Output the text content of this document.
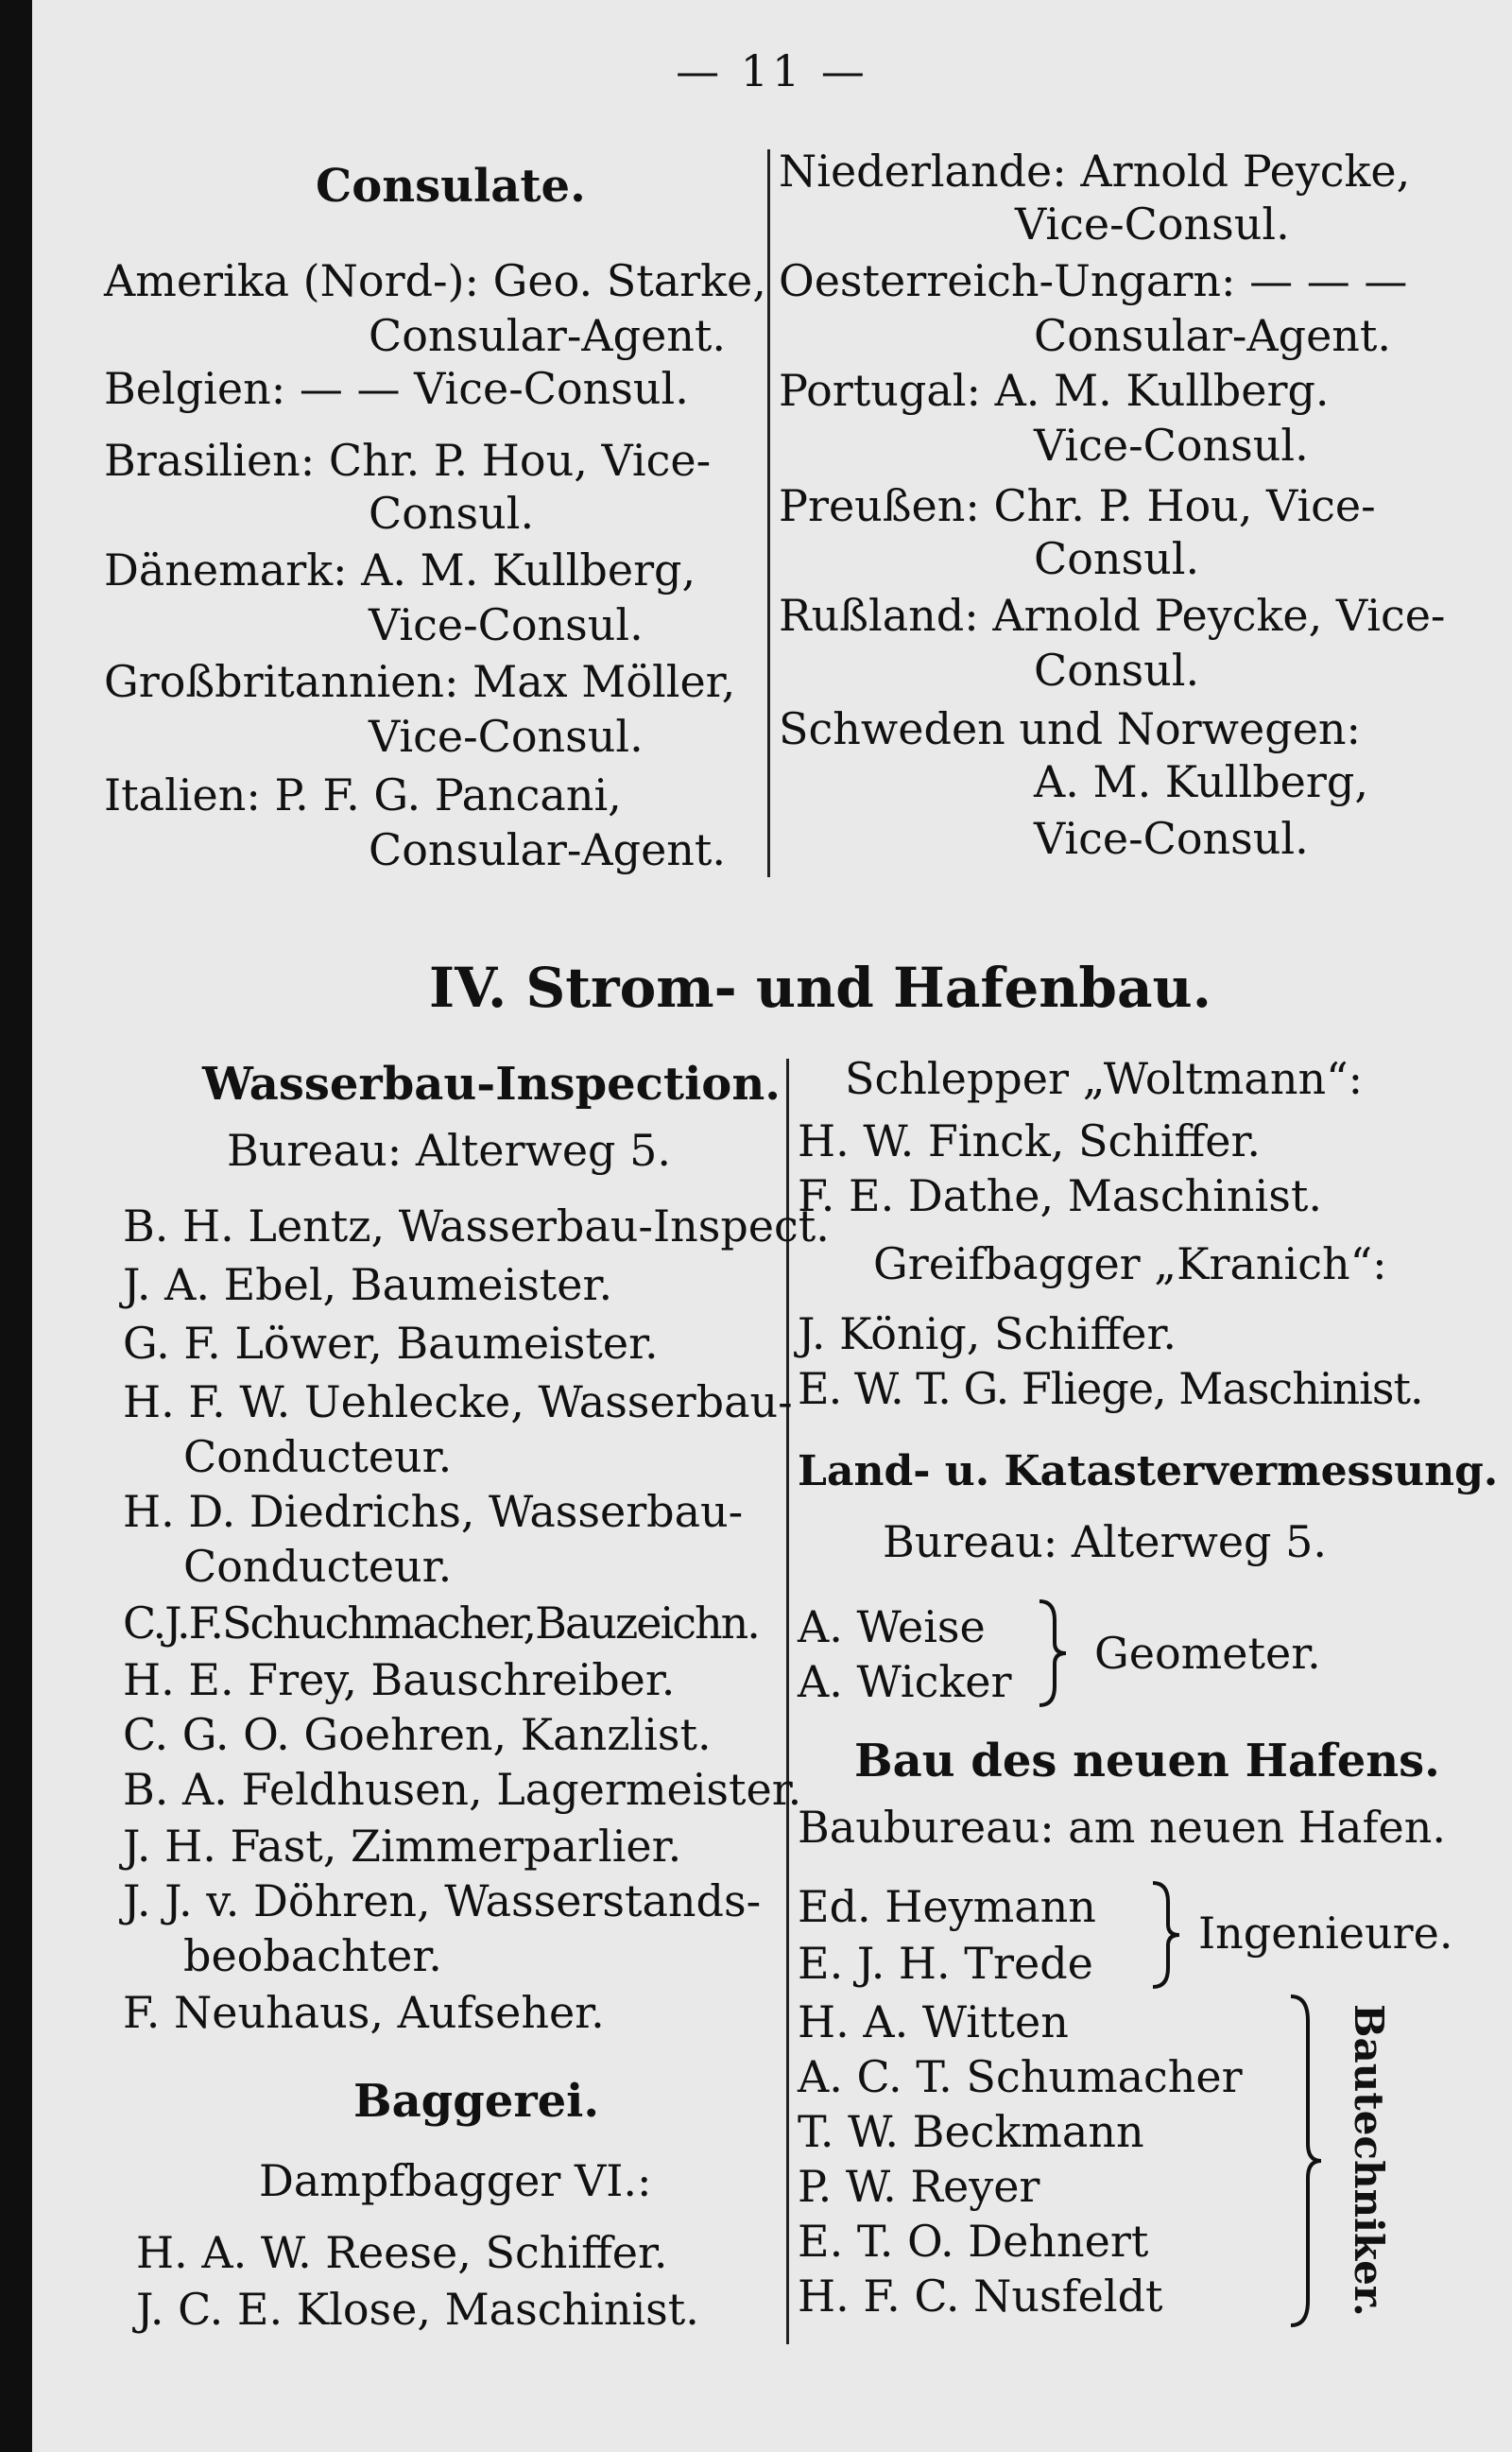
— 11 —
Consulate.
Amerika (Nord-): Geo. Starke,
Consular-Agent.
Belgien: — — Vice-Consul.
Brasilien: Chr. P. Hou, Vice-
Consul.
Dänemark: A. M. Kullberg,
Vice-Consul.
Großbritannien: Max Möller,
Vice-Consul.
Italien: P. F. G. Pancani,
Consular-Agent.
Niederlande: Arnold Peycke,
Vice-Consul.
Oesterreich-Ungarn: — — —
Consular-Agent.
Portugal: A. M. Kullberg.
Vice-Consul.
Preußen: Chr. P. Hou, Vice-
Consul.
Rußland: Arnold Peycke, Vice-
Consul.
Schweden und Norwegen:
A. M. Kullberg,
Vice-Consul.
IV. Strom- und Hafenbau.
Wasserbau-Inspection.
Bureau: Alterweg 5.
B. H. Lentz, Wasserbau-Inspect.
J. A. Ebel, Baumeister.
G. F. Löwer, Baumeister.
H. F. W. Uehlecke, Wasserbau-
Conducteur.
H. D. Diedrichs, Wasserbau-
Conducteur.
C.J.F.Schuchmacher,Bauzeichn.
H. E. Frey, Bauschreiber.
C. G. O. Goehren, Kanzlist.
B. A. Feldhusen, Lagermeister.
J. H. Fast, Zimmerparlier.
J. J. v. Döhren, Wasserstands-
beobachter.
F. Neuhaus, Aufseher.
Baggerei.
Dampfbagger VI.:
H. A. W. Reese, Schiffer.
J. C. E. Klose, Maschinist.
Schlepper „Woltmann“:
H. W. Finck, Schiffer.
F. E. Dathe, Maschinist.
Greifbagger „Kranich“:
J. König, Schiffer.
E. W. T. G. Fliege, Maschinist.
Land- u. Katastervermessung.
Bureau: Alterweg 5.
A. Weise
A. Wicker
Geometer.
Bau des neuen Hafens.
Baubureau: am neuen Hafen.
Ed. Heymann
E. J. H. Trede
Ingenieure.
H. A. Witten
A. C. T. Schumacher
T. W. Beckmann
P. W. Reyer
E. T. O. Dehnert
H. F. C. Nusfeldt	Bautechniker.
